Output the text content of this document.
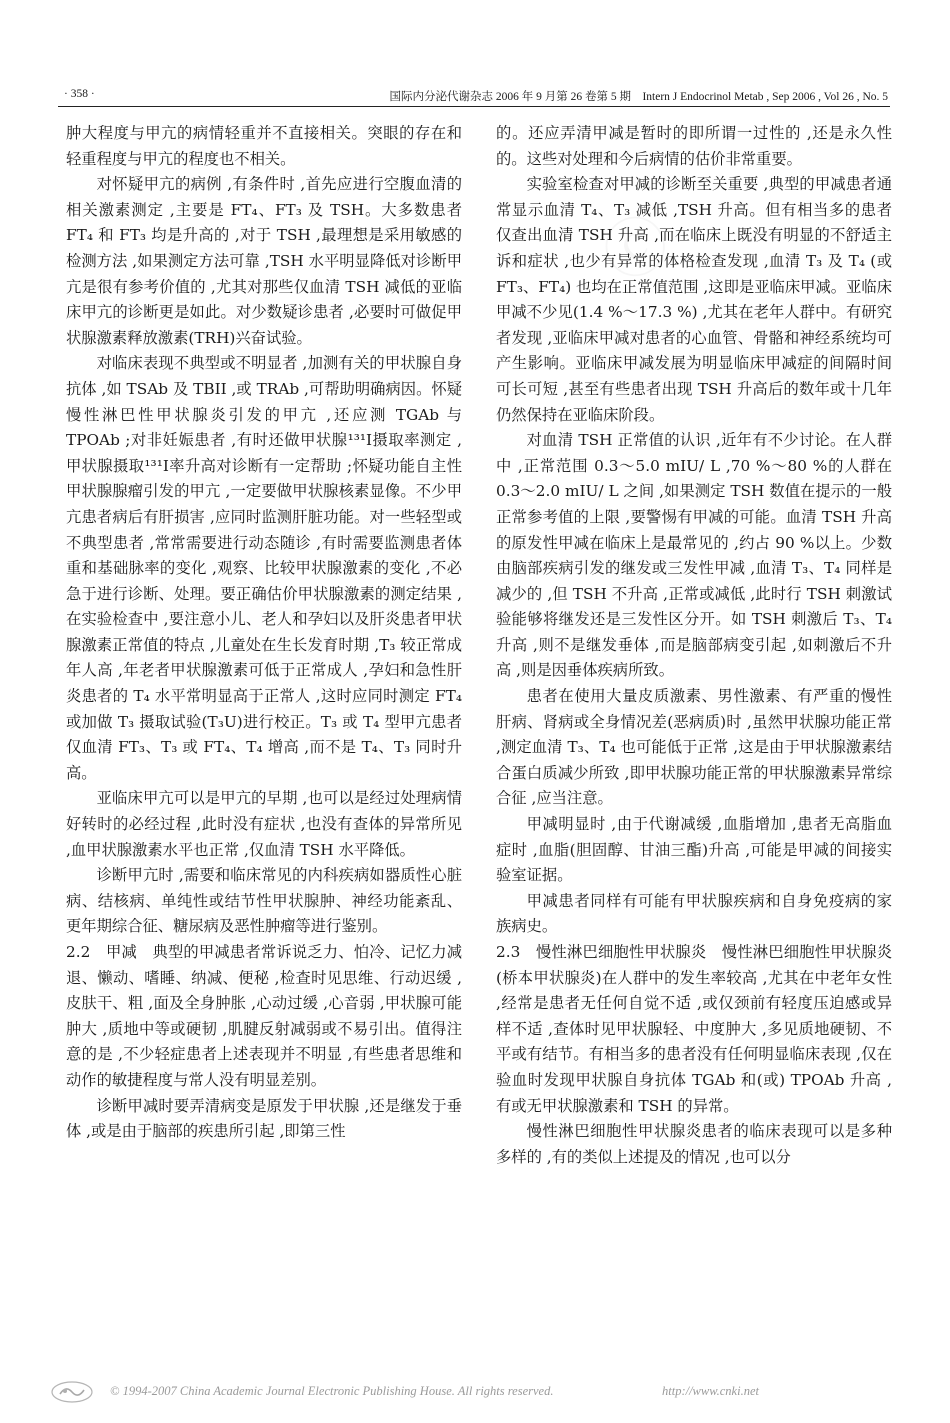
· 358 ·	国际内分泌代谢杂志 2006 年 9 月第 26 卷第 5 期　Intern J Endocrinol Metab , Sep 2006 , Vol 26 , No. 5

肿大程度与甲亢的病情轻重并不直接相关。突眼的存在和轻重程度与甲亢的程度也不相关。

对怀疑甲亢的病例 ,有条件时 ,首先应进行空腹血清的相关激素测定 ,主要是 FT₄、FT₃ 及 TSH。大多数患者 FT₄ 和 FT₃ 均是升高的 ,对于 TSH ,最理想是采用敏感的检测方法 ,如果测定方法可靠 ,TSH 水平明显降低对诊断甲亢是很有参考价值的 ,尤其对那些仅血清 TSH 减低的亚临床甲亢的诊断更是如此。对少数疑诊患者 ,必要时可做促甲状腺激素释放激素(TRH)兴奋试验。

对临床表现不典型或不明显者 ,加测有关的甲状腺自身抗体 ,如 TSAb 及 TBII ,或 TRAb ,可帮助明确病因。怀疑慢性淋巴性甲状腺炎引发的甲亢 ,还应测 TGAb 与 TPOAb ;对非妊娠患者 ,有时还做甲状腺¹³¹I摄取率测定 ,甲状腺摄取¹³¹I率升高对诊断有一定帮助 ;怀疑功能自主性甲状腺腺瘤引发的甲亢 ,一定要做甲状腺核素显像。不少甲亢患者病后有肝损害 ,应同时监测肝脏功能。对一些轻型或不典型患者 ,常常需要进行动态随诊 ,有时需要监测患者体重和基础脉率的变化 ,观察、比较甲状腺激素的变化 ,不必急于进行诊断、处理。要正确估价甲状腺激素的测定结果 ,在实验检查中 ,要注意小儿、老人和孕妇以及肝炎患者甲状腺激素正常值的特点 ,儿童处在生长发育时期 ,T₃ 较正常成年人高 ,年老者甲状腺激素可低于正常成人 ,孕妇和急性肝炎患者的 T₄ 水平常明显高于正常人 ,这时应同时测定 FT₄ 或加做 T₃ 摄取试验(T₃U)进行校正。T₃ 或 T₄ 型甲亢患者仅血清 FT₃、T₃ 或 FT₄、T₄ 增高 ,而不是 T₄、T₃ 同时升高。

亚临床甲亢可以是甲亢的早期 ,也可以是经过处理病情好转时的必经过程 ,此时没有症状 ,也没有查体的异常所见 ,血甲状腺激素水平也正常 ,仅血清 TSH 水平降低。

诊断甲亢时 ,需要和临床常见的内科疾病如器质性心脏病、结核病、单纯性或结节性甲状腺肿、神经功能紊乱、更年期综合征、糖尿病及恶性肿瘤等进行鉴别。

2.2　甲减　典型的甲减患者常诉说乏力、怕冷、记忆力减退、懒动、嗜睡、纳减、便秘 ,检查时见思维、行动迟缓 ,皮肤干、粗 ,面及全身肿胀 ,心动过缓 ,心音弱 ,甲状腺可能肿大 ,质地中等或硬韧 ,肌腱反射减弱或不易引出。值得注意的是 ,不少轻症患者上述表现并不明显 ,有些患者思维和动作的敏捷程度与常人没有明显差别。

诊断甲减时要弄清病变是原发于甲状腺 ,还是继发于垂体 ,或是由于脑部的疾患所引起 ,即第三性

的。还应弄清甲减是暂时的即所谓一过性的 ,还是永久性的。这些对处理和今后病情的估价非常重要。

实验室检查对甲减的诊断至关重要 ,典型的甲减患者通常显示血清 T₄、T₃ 减低 ,TSH 升高。但有相当多的患者仅查出血清 TSH 升高 ,而在临床上既没有明显的不舒适主诉和症状 ,也少有异常的体格检查发现 ,血清 T₃ 及 T₄ (或 FT₃、FT₄) 也均在正常值范围 ,这即是亚临床甲减。亚临床甲减不少见(1.4 %～17.3 %) ,尤其在老年人群中。有研究者发现 ,亚临床甲减对患者的心血管、骨骼和神经系统均可产生影响。亚临床甲减发展为明显临床甲减症的间隔时间可长可短 ,甚至有些患者出现 TSH 升高后的数年或十几年仍然保持在亚临床阶段。

对血清 TSH 正常值的认识 ,近年有不少讨论。在人群中 ,正常范围 0.3～5.0 mIU/ L ,70 %～80 %的人群在 0.3～2.0 mIU/ L 之间 ,如果测定 TSH 数值在提示的一般正常参考值的上限 ,要警惕有甲减的可能。血清 TSH 升高的原发性甲减在临床上是最常见的 ,约占 90 %以上。少数由脑部疾病引发的继发或三发性甲减 ,血清 T₃、T₄ 同样是减少的 ,但 TSH 不升高 ,正常或减低 ,此时行 TSH 刺激试验能够将继发还是三发性区分开。如 TSH 刺激后 T₃、T₄ 升高 ,则不是继发垂体 ,而是脑部病变引起 ,如刺激后不升高 ,则是因垂体疾病所致。

患者在使用大量皮质激素、男性激素、有严重的慢性肝病、肾病或全身情况差(恶病质)时 ,虽然甲状腺功能正常 ,测定血清 T₃、T₄ 也可能低于正常 ,这是由于甲状腺激素结合蛋白质减少所致 ,即甲状腺功能正常的甲状腺激素异常综合征 ,应当注意。

甲减明显时 ,由于代谢减缓 ,血脂增加 ,患者无高脂血症时 ,血脂(胆固醇、甘油三酯)升高 ,可能是甲减的间接实验室证据。

甲减患者同样有可能有甲状腺疾病和自身免疫病的家族病史。

2.3　慢性淋巴细胞性甲状腺炎　慢性淋巴细胞性甲状腺炎(桥本甲状腺炎)在人群中的发生率较高 ,尤其在中老年女性 ,经常是患者无任何自觉不适 ,或仅颈前有轻度压迫感或异样不适 ,查体时见甲状腺轻、中度肿大 ,多见质地硬韧、不平或有结节。有相当多的患者没有任何明显临床表现 ,仅在验血时发现甲状腺自身抗体 TGAb 和(或) TPOAb 升高 ,有或无甲状腺激素和 TSH 的异常。

慢性淋巴细胞性甲状腺炎患者的临床表现可以是多种多样的 ,有的类似上述提及的情况 ,也可以分

© 1994-2007 China Academic Journal Electronic Publishing House. All rights reserved.	http://www.cnki.net
